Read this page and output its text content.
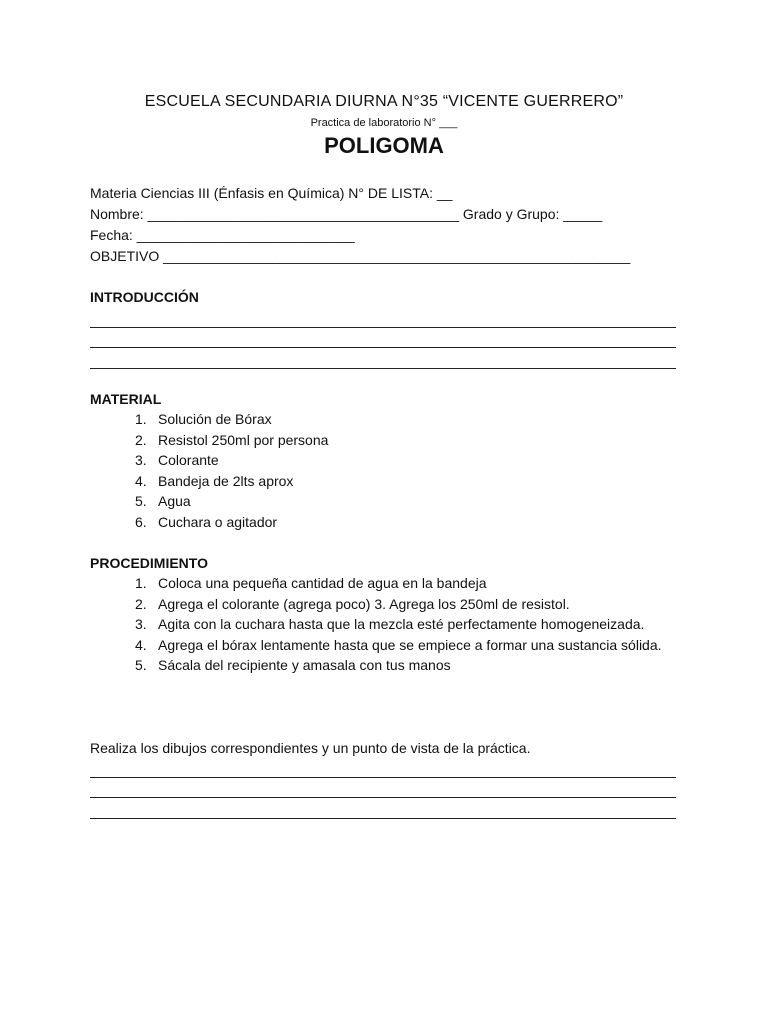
ESCUELA SECUNDARIA DIURNA N°35 “VICENTE GUERRERO”
Practica de laboratorio N° ___
POLIGOMA
Materia Ciencias III (Énfasis en Química) N° DE LISTA: __
Nombre: ________________________________________ Grado y Grupo: _____
Fecha: ____________________________
OBJETIVO ____________________________________________________________
INTRODUCCIÓN
MATERIAL
1. Solución de Bórax
2. Resistol 250ml por persona
3. Colorante
4. Bandeja de 2lts aprox
5. Agua
6. Cuchara o agitador
PROCEDIMIENTO
1. Coloca una pequeña cantidad de agua en la bandeja
2. Agrega el colorante (agrega poco) 3. Agrega los 250ml de resistol.
3. Agita con la cuchara hasta que la mezcla esté perfectamente homogeneizada.
4. Agrega el bórax lentamente hasta que se empiece a formar una sustancia sólida.
5. Sácala del recipiente y amasala con tus manos
Realiza los dibujos correspondientes y un punto de vista de la práctica.
